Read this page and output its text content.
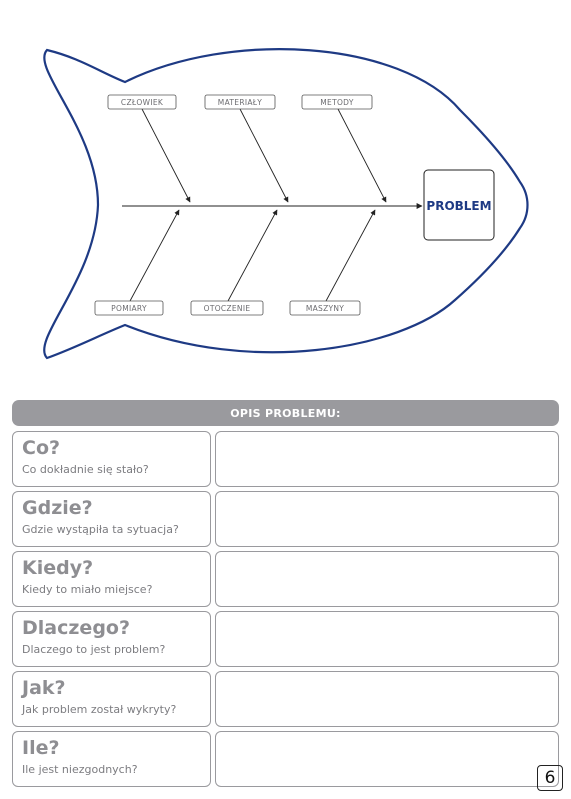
CZŁOWIEK	MATERIAŁY	METODY
POMIARY	OTOCZENIE	MASZYNY
PROBLEM
OPIS PROBLEMU:
Co?
Co dokładnie się stało?
Gdzie?
Gdzie wystąpiła ta sytuacja?
Kiedy?
Kiedy to miało miejsce?
Dlaczego?
Dlaczego to jest problem?
Jak?
Jak problem został wykryty?
Ile?
Ile jest niezgodnych?	6
